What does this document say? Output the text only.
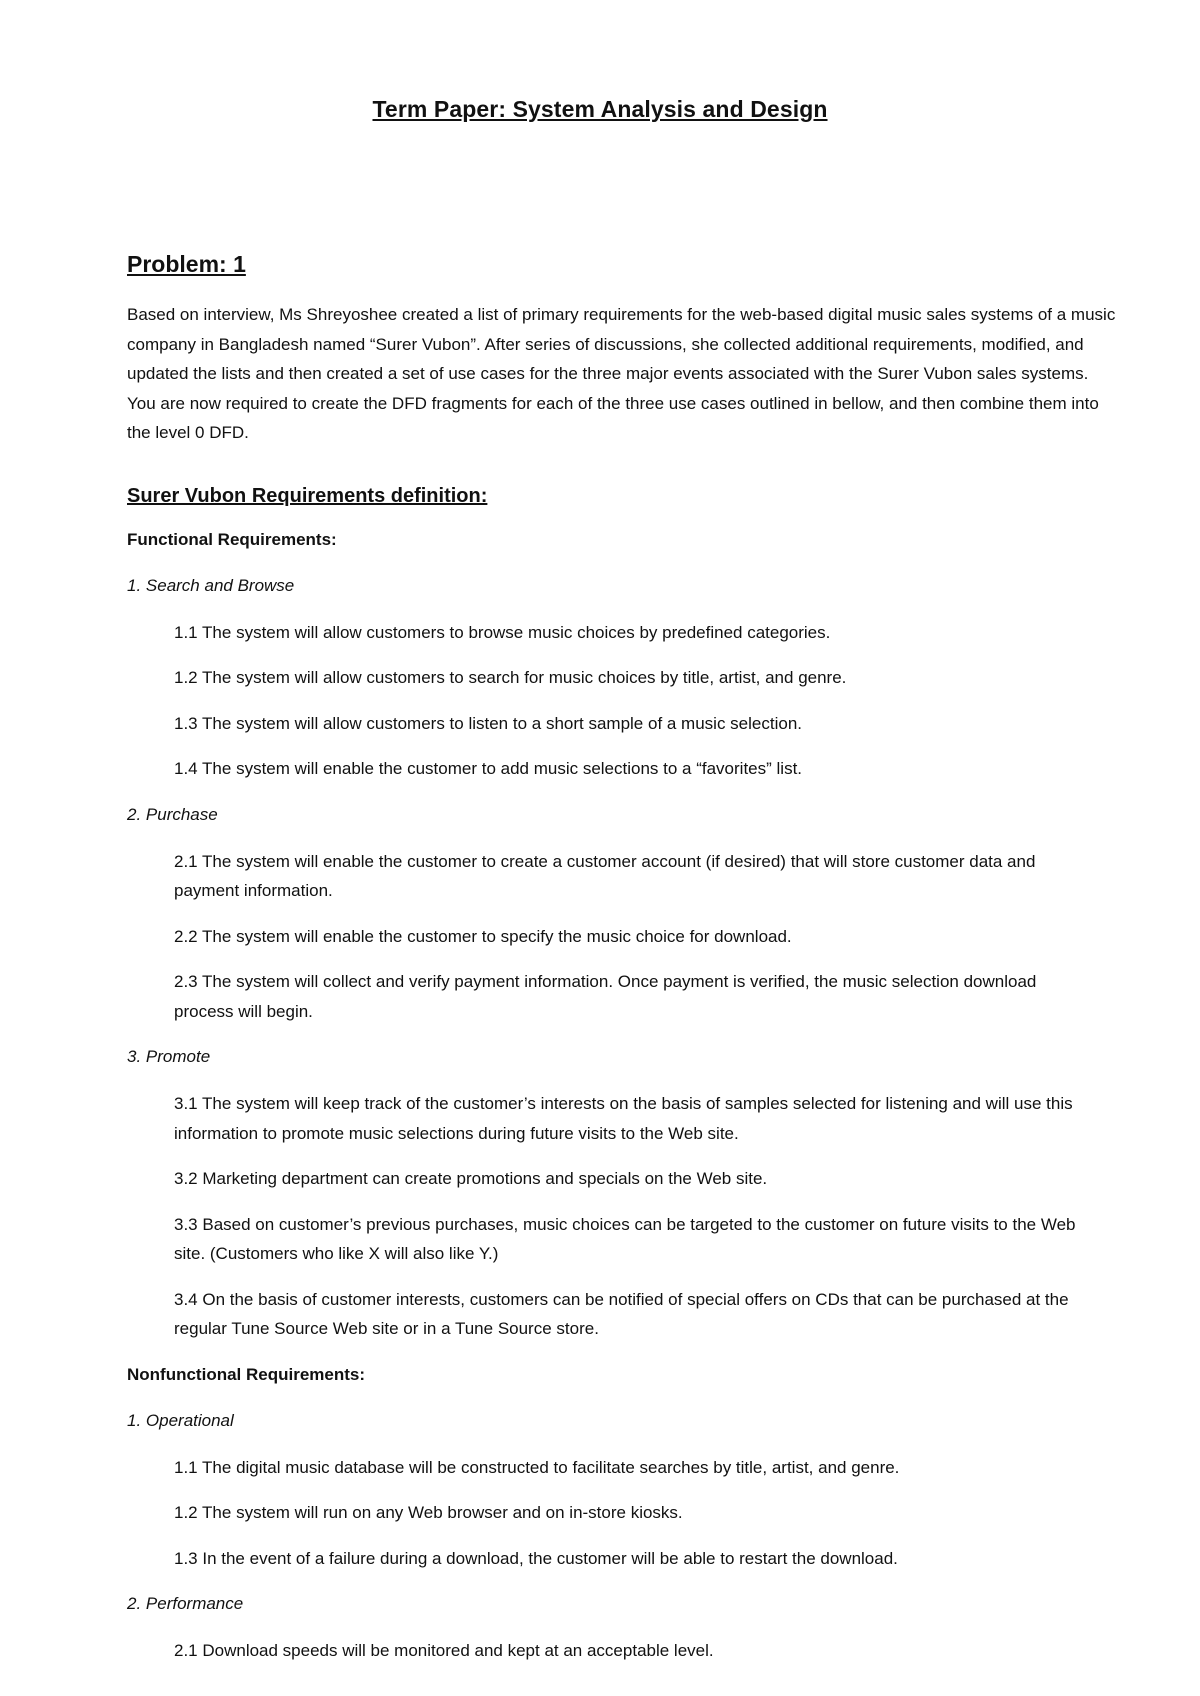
Term Paper: System Analysis and Design
Problem: 1

Based on interview, Ms Shreyoshee created a list of primary requirements for the web-based digital music sales systems of a music company in Bangladesh named “Surer Vubon”. After series of discussions, she collected additional requirements, modified, and updated the lists and then created a set of use cases for the three major events associated with the Surer Vubon sales systems. You are now required to create the DFD fragments for each of the three use cases outlined in bellow, and then combine them into the level 0 DFD.

Surer Vubon Requirements definition:
Functional Requirements:
1. Search and Browse
1.1 The system will allow customers to browse music choices by predefined categories.
1.2 The system will allow customers to search for music choices by title, artist, and genre.
1.3 The system will allow customers to listen to a short sample of a music selection.
1.4 The system will enable the customer to add music selections to a “favorites” list.
2. Purchase
2.1 The system will enable the customer to create a customer account (if desired) that will store customer data and payment information.
2.2 The system will enable the customer to specify the music choice for download.
2.3 The system will collect and verify payment information. Once payment is verified, the music selection download process will begin.
3. Promote
3.1 The system will keep track of the customer’s interests on the basis of samples selected for listening and will use this information to promote music selections during future visits to the Web site.
3.2 Marketing department can create promotions and specials on the Web site.
3.3 Based on customer’s previous purchases, music choices can be targeted to the customer on future visits to the Web site. (Customers who like X will also like Y.)
3.4 On the basis of customer interests, customers can be notified of special offers on CDs that can be purchased at the regular Tune Source Web site or in a Tune Source store.
Nonfunctional Requirements:
1. Operational
1.1 The digital music database will be constructed to facilitate searches by title, artist, and genre.
1.2 The system will run on any Web browser and on in-store kiosks.
1.3 In the event of a failure during a download, the customer will be able to restart the download.
2. Performance
2.1 Download speeds will be monitored and kept at an acceptable level.
